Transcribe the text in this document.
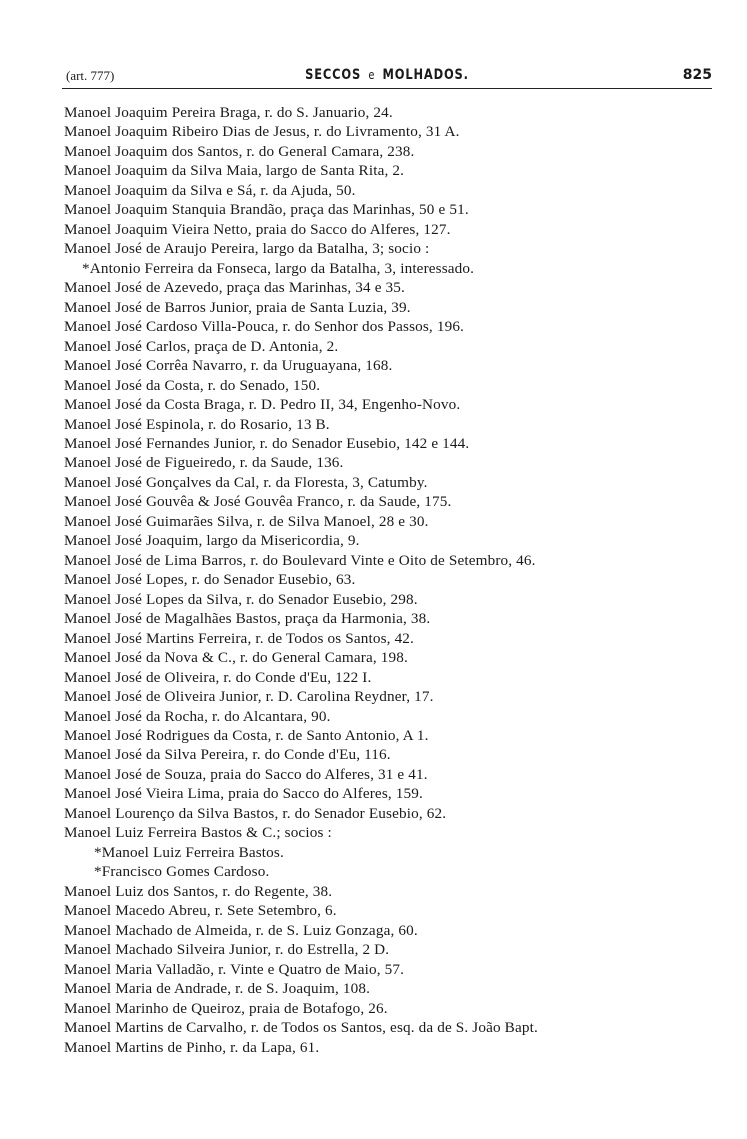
(art. 777)	SECCOS e MOLHADOS.	825
Manoel Joaquim Pereira Braga, r. do S. Januario, 24.
Manoel Joaquim Ribeiro Dias de Jesus, r. do Livramento, 31 A.
Manoel Joaquim dos Santos, r. do General Camara, 238.
Manoel Joaquim da Silva Maia, largo de Santa Rita, 2.
Manoel Joaquim da Silva e Sá, r. da Ajuda, 50.
Manoel Joaquim Stanquia Brandão, praça das Marinhas, 50 e 51.
Manoel Joaquim Vieira Netto, praia do Sacco do Alferes, 127.
Manoel José de Araujo Pereira, largo da Batalha, 3; socio :
*Antonio Ferreira da Fonseca, largo da Batalha, 3, interessado.
Manoel José de Azevedo, praça das Marinhas, 34 e 35.
Manoel José de Barros Junior, praia de Santa Luzia, 39.
Manoel José Cardoso Villa-Pouca, r. do Senhor dos Passos, 196.
Manoel José Carlos, praça de D. Antonia, 2.
Manoel José Corrêa Navarro, r. da Uruguayana, 168.
Manoel José da Costa, r. do Senado, 150.
Manoel José da Costa Braga, r. D. Pedro II, 34, Engenho-Novo.
Manoel José Espinola, r. do Rosario, 13 B.
Manoel José Fernandes Junior, r. do Senador Eusebio, 142 e 144.
Manoel José de Figueiredo, r. da Saude, 136.
Manoel José Gonçalves da Cal, r. da Floresta, 3, Catumby.
Manoel José Gouvêa & José Gouvêa Franco, r. da Saude, 175.
Manoel José Guimarães Silva, r. de Silva Manoel, 28 e 30.
Manoel José Joaquim, largo da Misericordia, 9.
Manoel José de Lima Barros, r. do Boulevard Vinte e Oito de Setembro, 46.
Manoel José Lopes, r. do Senador Eusebio, 63.
Manoel José Lopes da Silva, r. do Senador Eusebio, 298.
Manoel José de Magalhães Bastos, praça da Harmonia, 38.
Manoel José Martins Ferreira, r. de Todos os Santos, 42.
Manoel José da Nova & C., r. do General Camara, 198.
Manoel José de Oliveira, r. do Conde d'Eu, 122 I.
Manoel José de Oliveira Junior, r. D. Carolina Reydner, 17.
Manoel José da Rocha, r. do Alcantara, 90.
Manoel José Rodrigues da Costa, r. de Santo Antonio, A 1.
Manoel José da Silva Pereira, r. do Conde d'Eu, 116.
Manoel José de Souza, praia do Sacco do Alferes, 31 e 41.
Manoel José Vieira Lima, praia do Sacco do Alferes, 159.
Manoel Lourenço da Silva Bastos, r. do Senador Eusebio, 62.
Manoel Luiz Ferreira Bastos & C.; socios :
*Manoel Luiz Ferreira Bastos.
*Francisco Gomes Cardoso.
Manoel Luiz dos Santos, r. do Regente, 38.
Manoel Macedo Abreu, r. Sete Setembro, 6.
Manoel Machado de Almeida, r. de S. Luiz Gonzaga, 60.
Manoel Machado Silveira Junior, r. do Estrella, 2 D.
Manoel Maria Valladão, r. Vinte e Quatro de Maio, 57.
Manoel Maria de Andrade, r. de S. Joaquim, 108.
Manoel Marinho de Queiroz, praia de Botafogo, 26.
Manoel Martins de Carvalho, r. de Todos os Santos, esq. da de S. João Bapt.
Manoel Martins de Pinho, r. da Lapa, 61.
